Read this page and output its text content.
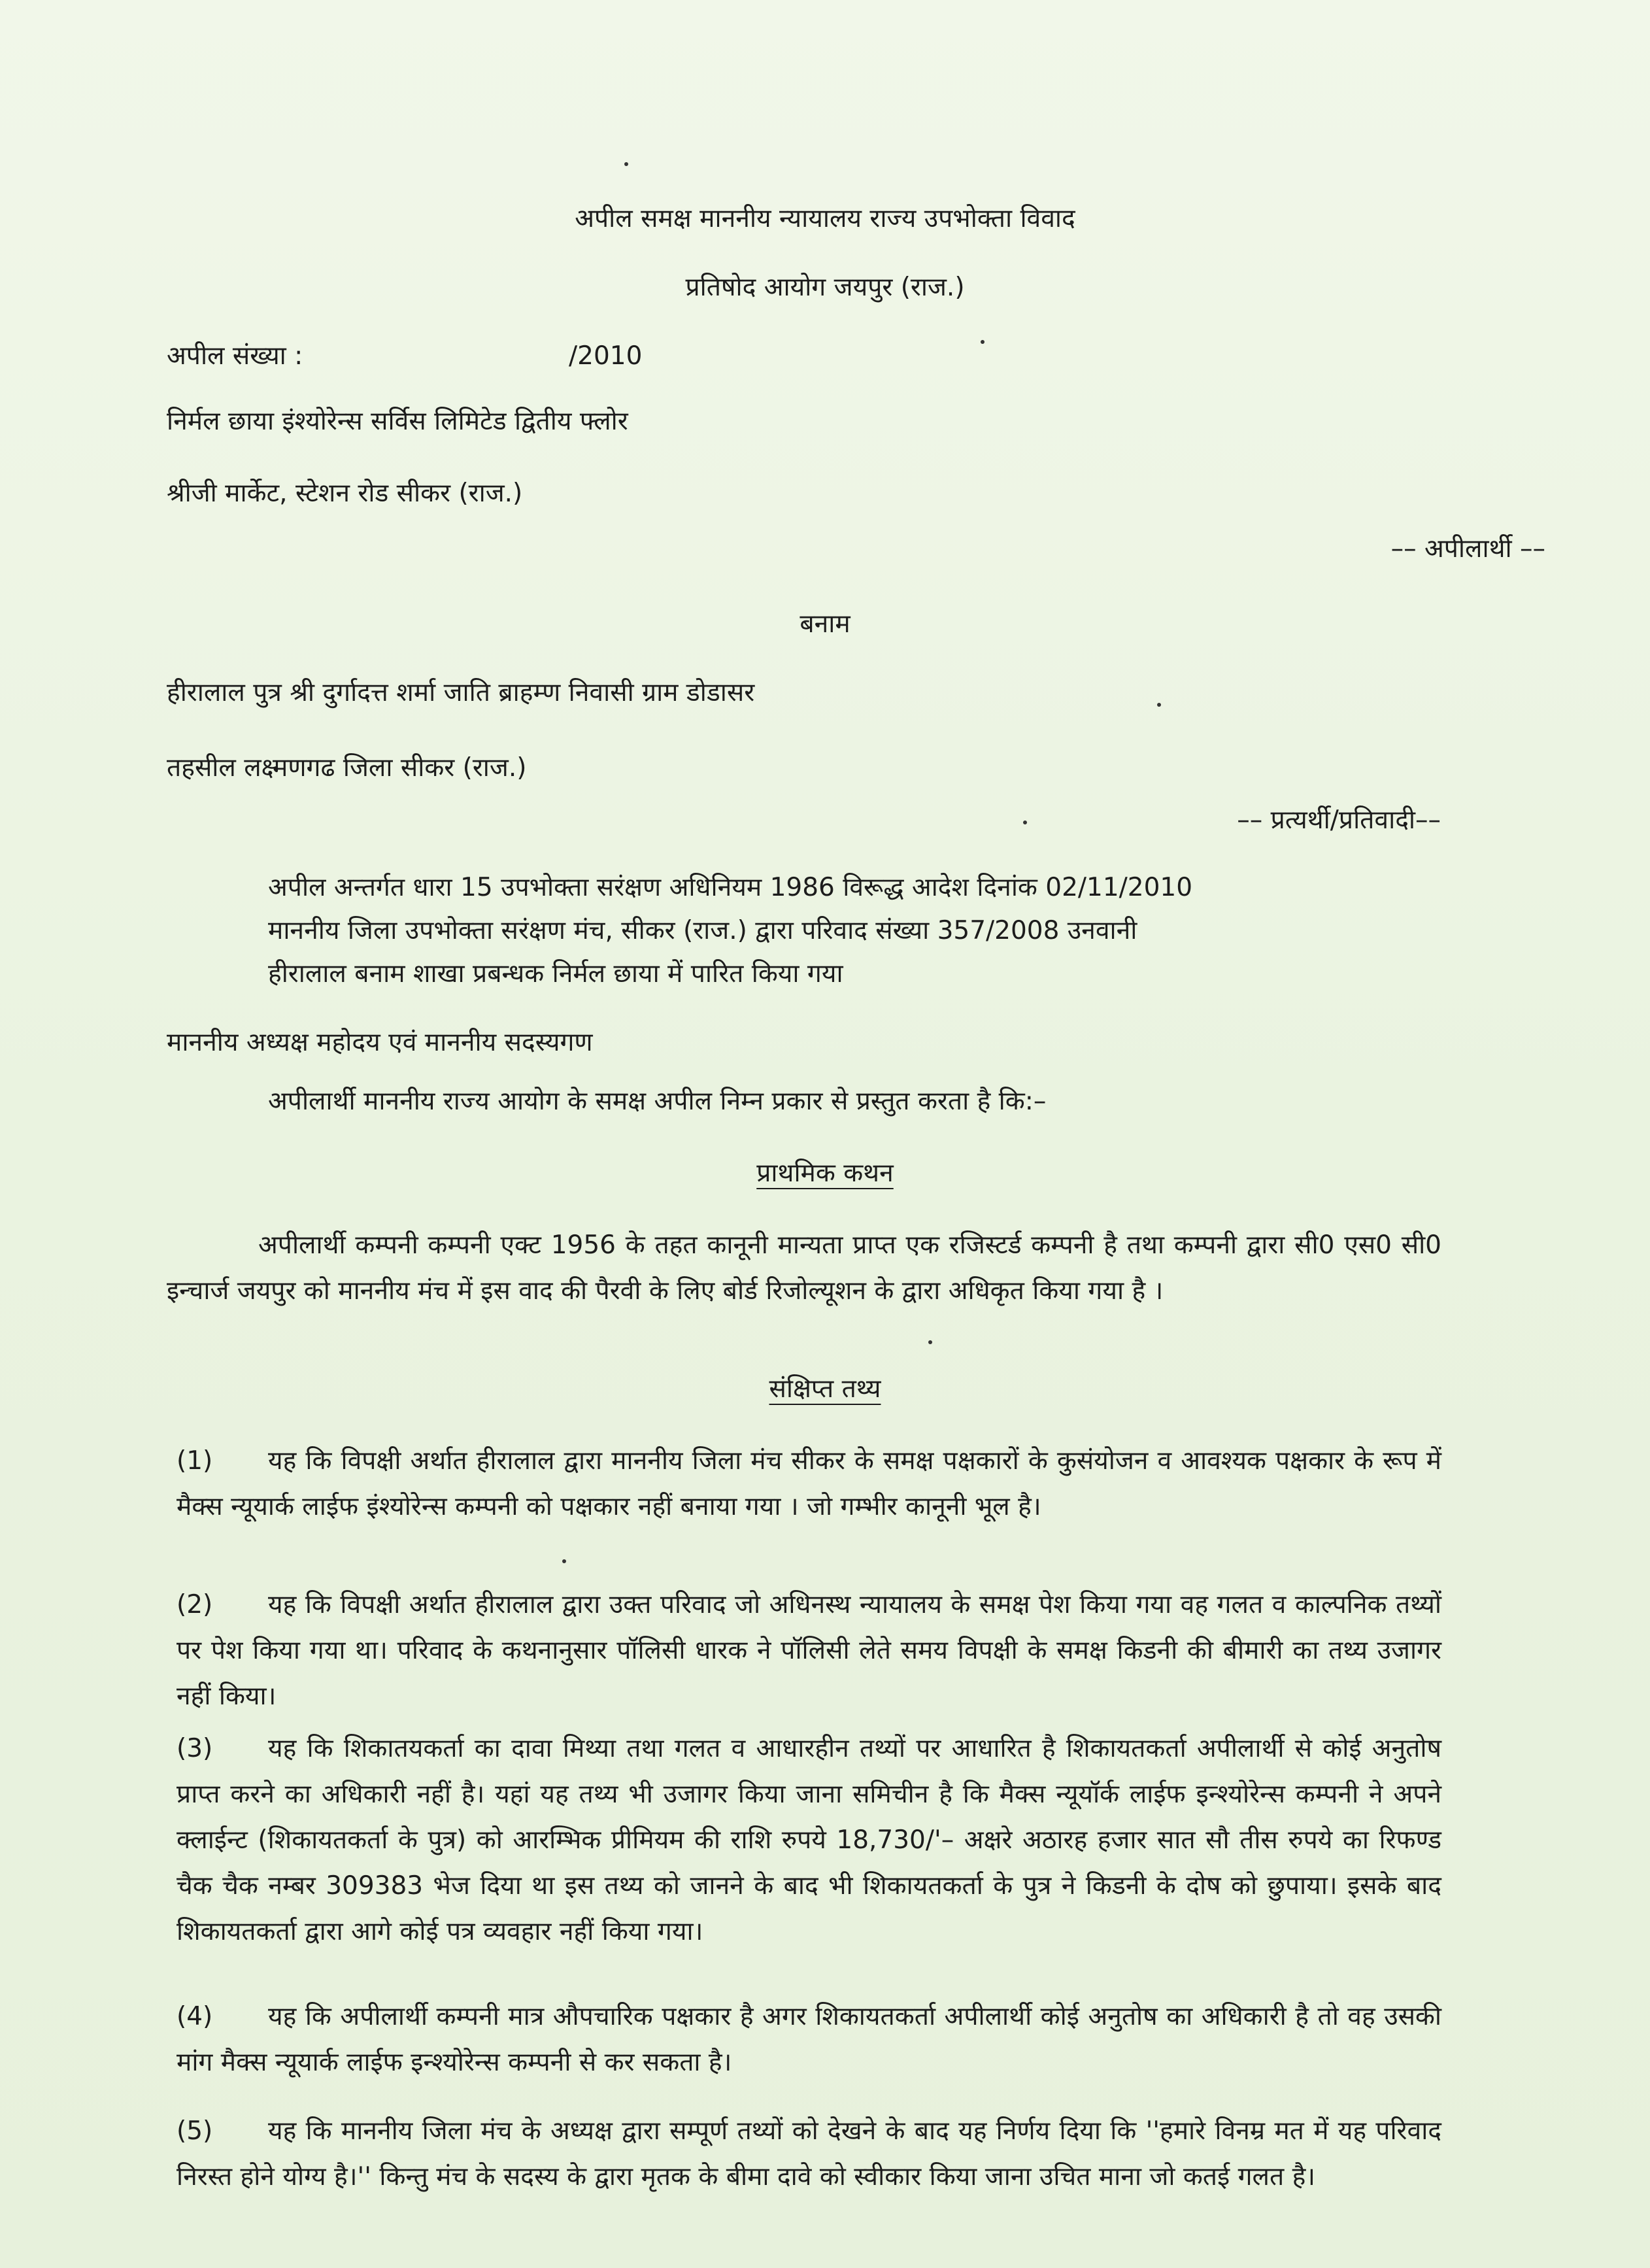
अपील समक्ष माननीय न्यायालय राज्य उपभोक्ता विवाद
प्रतिषोद आयोग जयपुर (राज.)
अपील संख्या :	/2010
निर्मल छाया इंश्योरेन्स सर्विस लिमिटेड द्वितीय फ्लोर
श्रीजी मार्केट, स्टेशन रोड सीकर (राज.)
–– अपीलार्थी ––
बनाम
हीरालाल पुत्र श्री दुर्गादत्त शर्मा जाति ब्राहम्ण निवासी ग्राम डोडासर
तहसील लक्ष्मणगढ जिला सीकर (राज.)
–– प्रत्यर्थी/प्रतिवादी––

अपील अन्तर्गत धारा 15 उपभोक्ता सरंक्षण अधिनियम 1986 विरूद्ध आदेश दिनांक 02/11/2010

माननीय जिला उपभोक्ता सरंक्षण मंच, सीकर (राज.) द्वारा परिवाद संख्या 357/2008 उनवानी

हीरालाल बनाम शाखा प्रबन्धक निर्मल छाया में पारित किया गया

माननीय अध्यक्ष महोदय एवं माननीय सदस्यगण
अपीलार्थी माननीय राज्य आयोग के समक्ष अपील निम्न प्रकार से प्रस्तुत करता है कि:–
प्राथमिक कथन
अपीलार्थी कम्पनी कम्पनी एक्ट 1956 के तहत कानूनी मान्यता प्राप्त एक रजिस्टर्ड कम्पनी है तथा कम्पनी द्वारा सी0 एस0 सी0 इन्चार्ज जयपुर को माननीय मंच में इस वाद की पैरवी के लिए बोर्ड रिजोल्यूशन के द्वारा अधिकृत किया गया है ।
संक्षिप्त तथ्य
(1) यह कि विपक्षी अर्थात हीरालाल द्वारा माननीय जिला मंच सीकर के समक्ष पक्षकारों के कुसंयोजन व आवश्यक पक्षकार के रूप में मैक्स न्यूयार्क लाईफ इंश्योरेन्स कम्पनी को पक्षकार नहीं बनाया गया । जो गम्भीर कानूनी भूल है।
(2) यह कि विपक्षी अर्थात हीरालाल द्वारा उक्त परिवाद जो अधिनस्थ न्यायालय के समक्ष पेश किया गया वह गलत व काल्पनिक तथ्यों पर पेश किया गया था। परिवाद के कथनानुसार पॉलिसी धारक ने पॉलिसी लेते समय विपक्षी के समक्ष किडनी की बीमारी का तथ्य उजागर नहीं किया।
(3) यह कि शिकातयकर्ता का दावा मिथ्या तथा गलत व आधारहीन तथ्यों पर आधारित है शिकायतकर्ता अपीलार्थी से कोई अनुतोष प्राप्त करने का अधिकारी नहीं है। यहां यह तथ्य भी उजागर किया जाना समिचीन है कि मैक्स न्यूयॉर्क लाईफ इन्श्योरेन्स कम्पनी ने अपने क्लाईन्ट (शिकायतकर्ता के पुत्र) को आरम्भिक प्रीमियम की राशि रुपये 18,730/'– अक्षरे अठारह हजार सात सौ तीस रुपये का रिफण्ड चैक चैक नम्बर 309383 भेज दिया था इस तथ्य को जानने के बाद भी शिकायतकर्ता के पुत्र ने किडनी के दोष को छुपाया। इसके बाद शिकायतकर्ता द्वारा आगे कोई पत्र व्यवहार नहीं किया गया।
(4) यह कि अपीलार्थी कम्पनी मात्र औपचारिक पक्षकार है अगर शिकायतकर्ता अपीलार्थी कोई अनुतोष का अधिकारी है तो वह उसकी मांग मैक्स न्यूयार्क लाईफ इन्श्योरेन्स कम्पनी से कर सकता है।
(5) यह कि माननीय जिला मंच के अध्यक्ष द्वारा सम्पूर्ण तथ्यों को देखने के बाद यह निर्णय दिया कि ''हमारे विनम्र मत में यह परिवाद निरस्त होने योग्य है।'' किन्तु मंच के सदस्य के द्वारा मृतक के बीमा दावे को स्वीकार किया जाना उचित माना जो कतई गलत है।
